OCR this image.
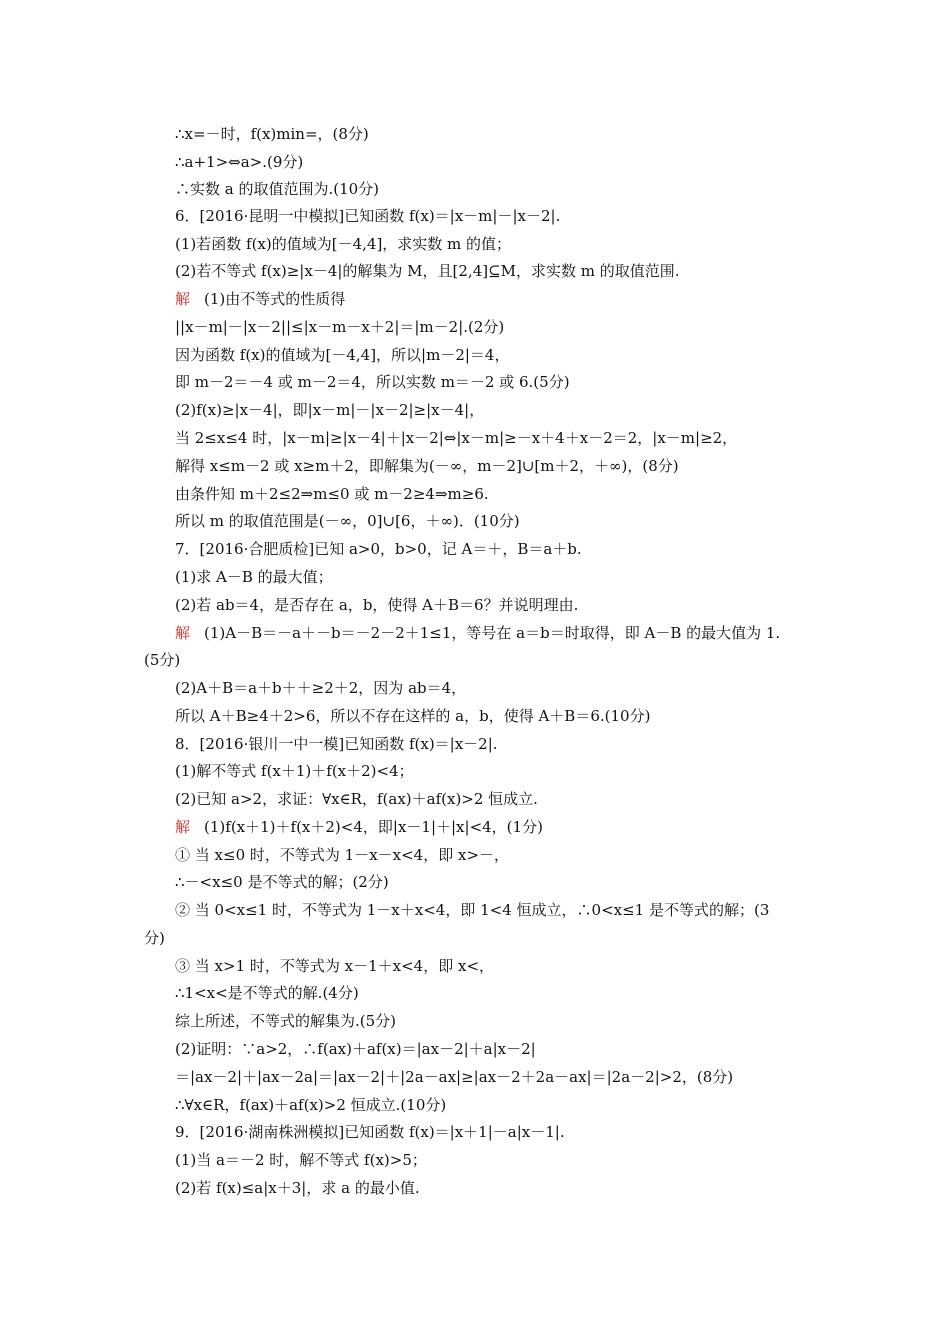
∴x=－时，f(x)min=，(8分)
∴a+1>⇔a>.(9分)
∴实数 a 的取值范围为.(10分)
6．[2016·昆明一中模拟]已知函数 f(x)＝|x－m|－|x－2|.
(1)若函数 f(x)的值域为[－4,4]，求实数 m 的值；
(2)若不等式 f(x)≥|x－4|的解集为 M，且[2,4]⊆M，求实数 m 的取值范围.
解 (1)由不等式的性质得
||x－m|－|x－2||≤|x－m－x＋2|＝|m－2|.(2分)
因为函数 f(x)的值域为[－4,4]，所以|m－2|＝4，
即 m－2＝－4 或 m－2＝4，所以实数 m＝－2 或 6.(5分)
(2)f(x)≥|x－4|，即|x－m|－|x－2|≥|x－4|，
当 2≤x≤4 时，|x－m|≥|x－4|＋|x－2|⇔|x－m|≥－x＋4＋x－2＝2，|x－m|≥2，
解得 x≤m－2 或 x≥m＋2，即解集为(－∞，m－2]∪[m＋2，＋∞)，(8分)
由条件知 m＋2≤2⇒m≤0 或 m－2≥4⇒m≥6.
所以 m 的取值范围是(－∞，0]∪[6，＋∞)．(10分)
7．[2016·合肥质检]已知 a>0，b>0，记 A＝＋，B＝a＋b.
(1)求 A－B 的最大值；
(2)若 ab＝4，是否存在 a，b，使得 A＋B＝6？并说明理由.
解 (1)A－B＝－a＋－b＝－2－2＋1≤1，等号在 a＝b＝时取得，即 A－B 的最大值为 1.
(5分)
(2)A＋B＝a＋b＋＋≥2＋2，因为 ab＝4，
所以 A＋B≥4＋2>6，所以不存在这样的 a，b，使得 A＋B＝6.(10分)
8．[2016·银川一中一模]已知函数 f(x)＝|x－2|.
(1)解不等式 f(x＋1)＋f(x＋2)<4；
(2)已知 a>2，求证：∀x∈R，f(ax)＋af(x)>2 恒成立.
解 (1)f(x＋1)＋f(x＋2)<4，即|x－1|＋|x|<4，(1分)
① 当 x≤0 时，不等式为 1－x－x<4，即 x>－，
∴－<x≤0 是不等式的解；(2分)
② 当 0<x≤1 时，不等式为 1－x＋x<4，即 1<4 恒成立，∴0<x≤1 是不等式的解；(3
分)
③ 当 x>1 时，不等式为 x－1＋x<4，即 x<，
∴1<x<是不等式的解.(4分)
综上所述，不等式的解集为.(5分)
(2)证明：∵a>2，∴f(ax)＋af(x)＝|ax－2|＋a|x－2|
＝|ax－2|＋|ax－2a|＝|ax－2|＋|2a－ax|≥|ax－2＋2a－ax|＝|2a－2|>2，(8分)
∴∀x∈R，f(ax)＋af(x)>2 恒成立.(10分)
9．[2016·湖南株洲模拟]已知函数 f(x)＝|x＋1|－a|x－1|.
(1)当 a＝－2 时，解不等式 f(x)>5；
(2)若 f(x)≤a|x＋3|，求 a 的最小值.
